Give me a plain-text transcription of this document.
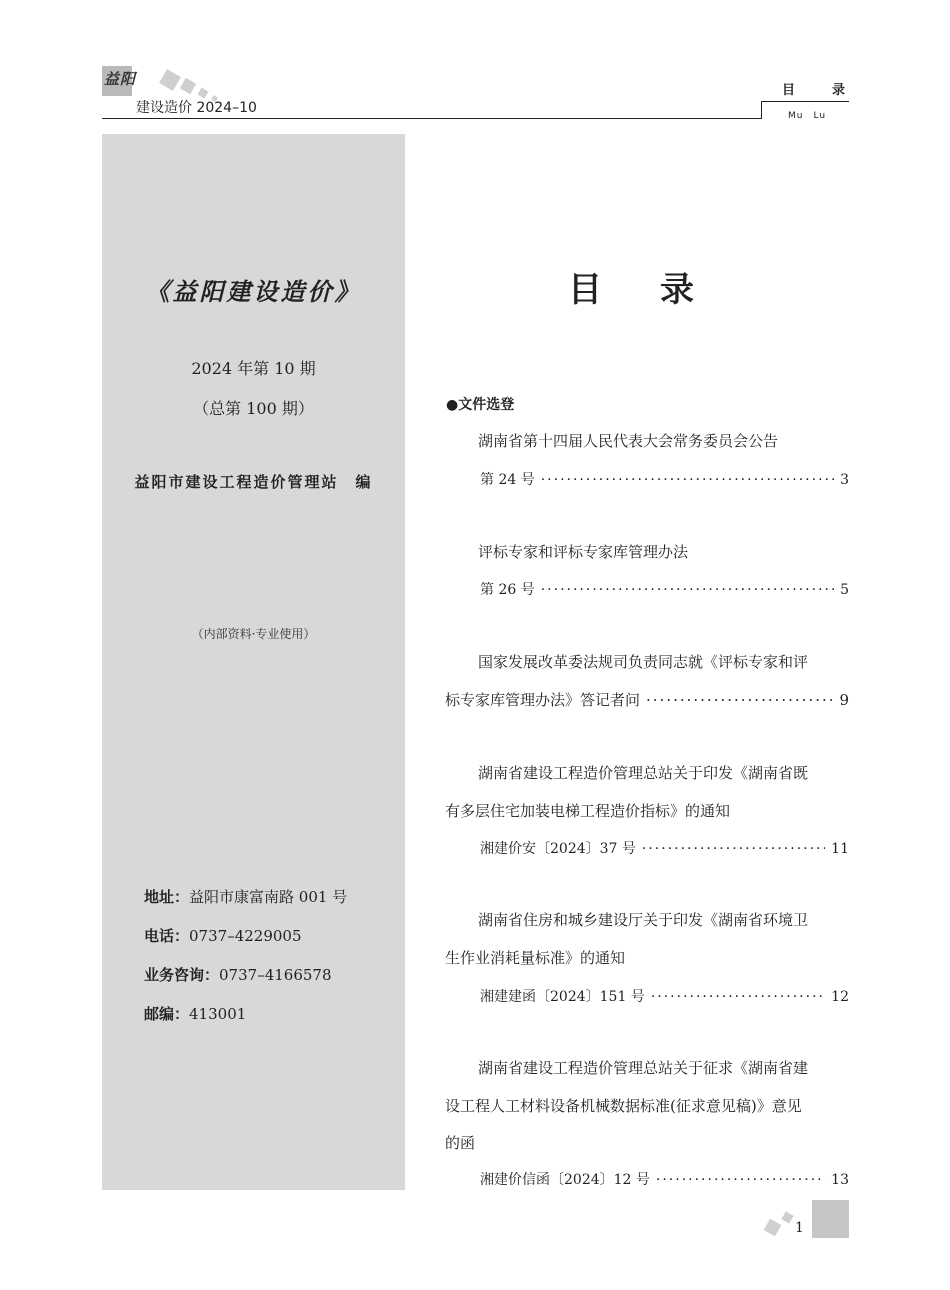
益阳
建设造价 2024–10
目　录
Mu　Lu
《益阳建设造价》
2024 年第 10 期
（总第 100 期）
益阳市建设工程造价管理站　编
（内部资料·专业使用）
地址：益阳市康富南路 001 号
电话：0737–4229005
业务咨询：0737–4166578
邮编：413001
目录
●文件选登
湖南省第十四届人民代表大会常务委员会公告
第 24 号 ·····	3
评标专家和评标专家库管理办法
第 26 号 ·····	5
国家发展改革委法规司负责同志就《评标专家和评
标专家库管理办法》答记者问 ·····	9
湖南省建设工程造价管理总站关于印发《湖南省既
有多层住宅加装电梯工程造价指标》的通知
湘建价安〔2024〕37 号 ·····	11
湖南省住房和城乡建设厅关于印发《湖南省环境卫
生作业消耗量标准》的通知
湘建建函〔2024〕151 号 ·····	12
湖南省建设工程造价管理总站关于征求《湖南省建
设工程人工材料设备机械数据标准(征求意见稿)》意见
的函
湘建价信函〔2024〕12 号 ·····	13
1
